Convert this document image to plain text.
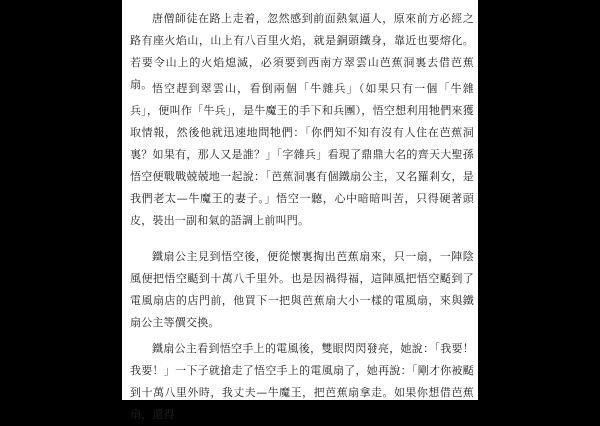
唐僧師徒在路上走着，忽然感到前面熱氣逼人，原來前方必經之路有座火焰山，山上有八百里火焰，就是銅頭鐵身，靠近也要熔化。若要令山上的火焰熄滅，必須要到西南方翠雲山芭蕉洞裏去借芭蕉扇。 悟空趕到翠雲山，看倒兩個「牛雜兵」（如果只有一個「牛雜兵」，便叫作「牛兵」，是牛魔王的手下和兵團），悟空想利用牠們來獲取情報，然後他就迅速地問牠們：「你們知不知有沒有人住在芭蕉洞裏？如果有，那人又是誰？」「字雜兵」看現了鼎鼎大名的齊天大聖孫悟空便戰戰兢兢地一起說：「芭蕉洞裏有個鐵扇公主，又名羅剎女，是我們老太—牛魔王的妻子。」悟空一聽，心中暗暗叫苦，只得硬著頭皮，裝出一副和氣的語調上前叫門。

鐵扇公主見到悟空後，便從懷裏掏出芭蕉扇來，只一扇，一陣陰風便把悟空颳到十萬八千里外。也是因禍得福，這陣風把悟空颳到了電風扇店的店門前，他買下一把與芭蕉扇大小一樣的電風扇，來與鐵扇公主等價交換。

鐵扇公主看到悟空手上的電風後，雙眼閃閃發亮，她說：「我要！我要！」一下子就搶走了悟空手上的電風扇了，她再說：「剛才你被颳到十萬八里外時，我丈夫—牛魔王，把芭蕉扇拿走。如果你想借芭蕉扇，還得
